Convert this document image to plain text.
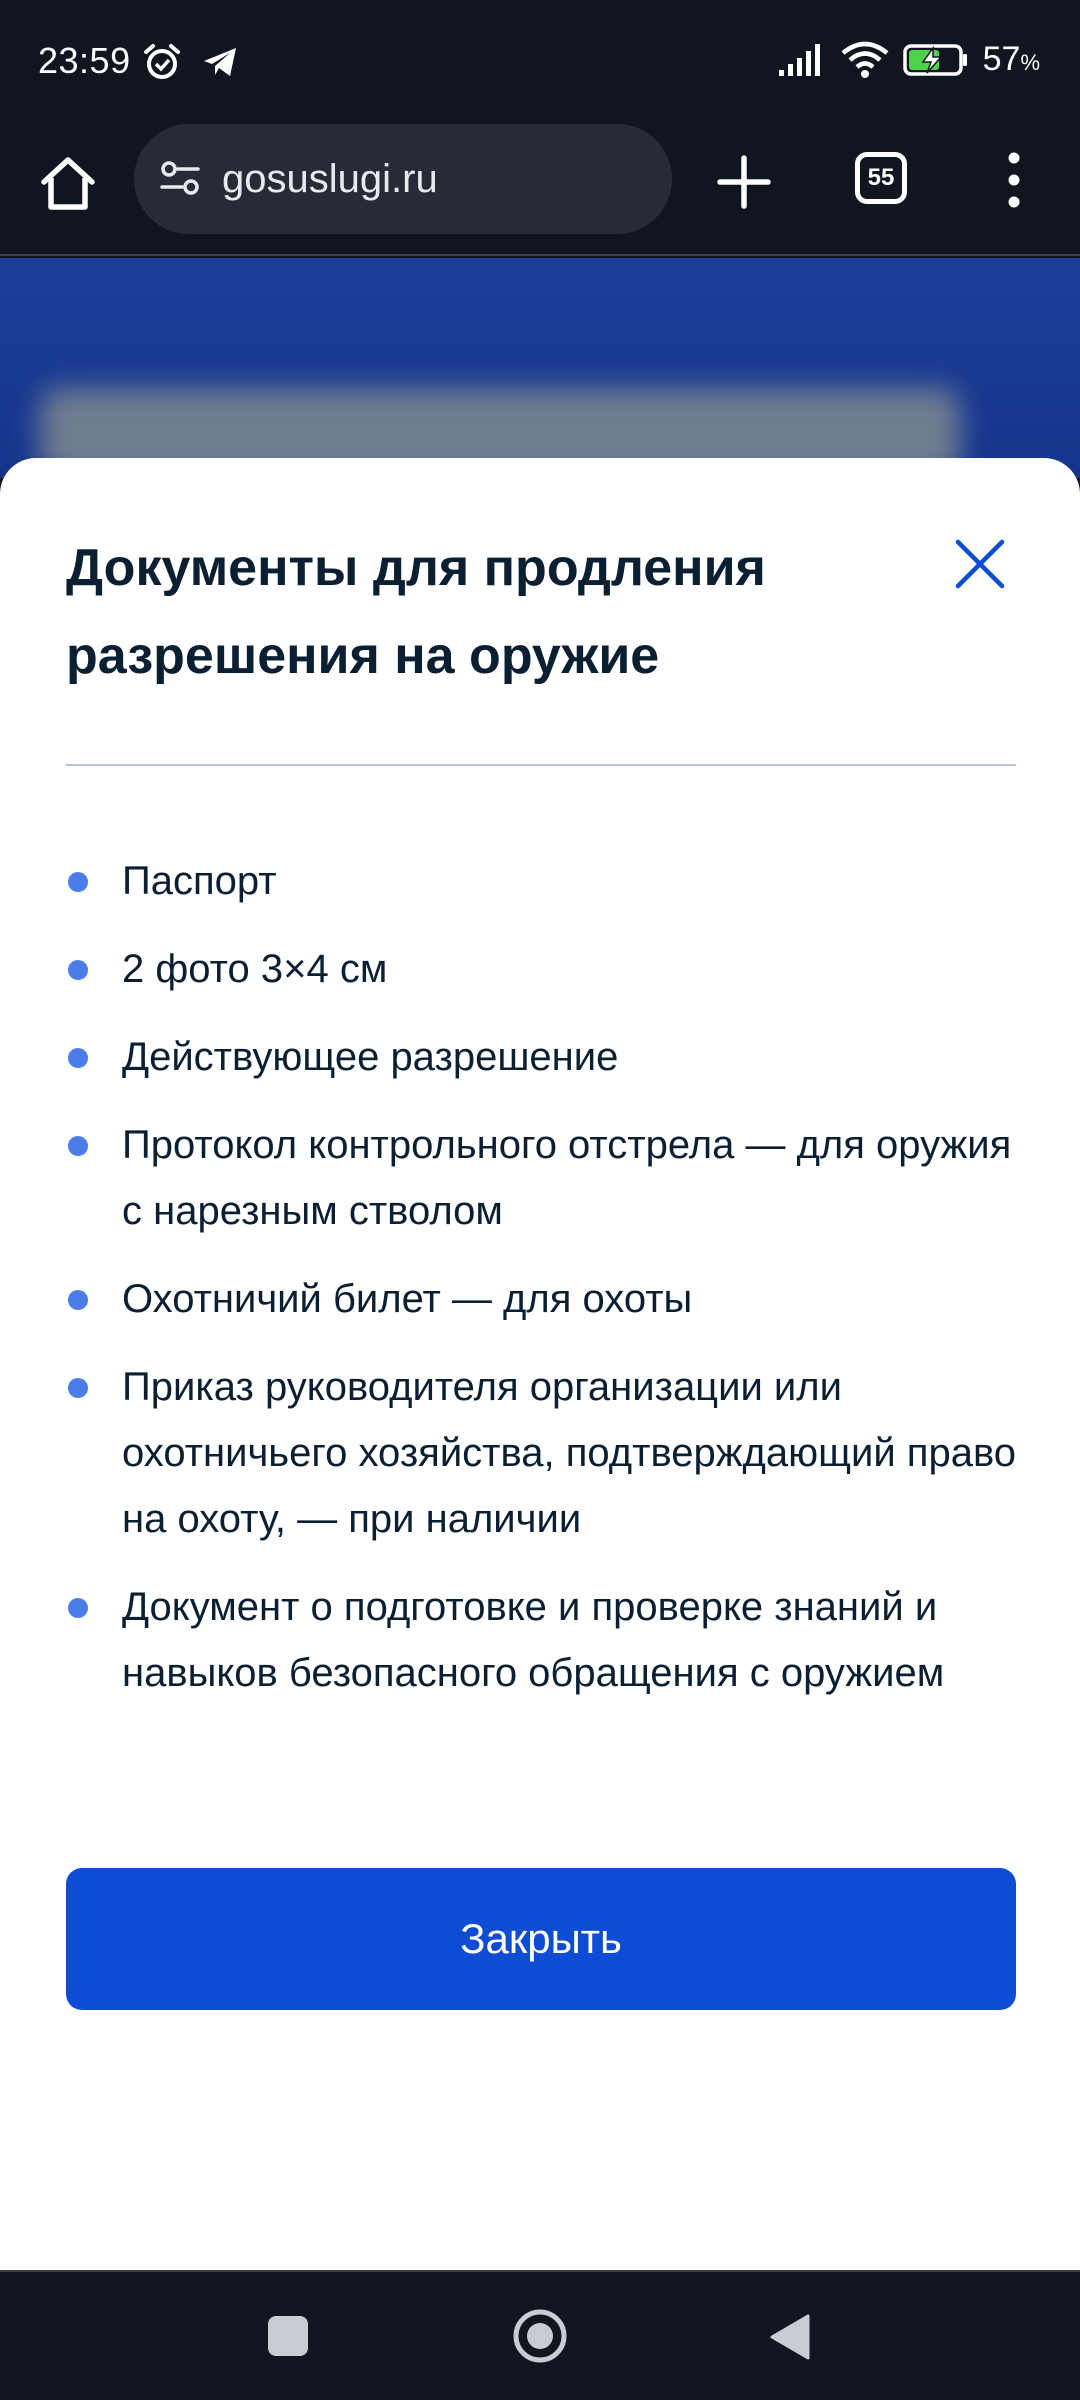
23:59	57%
gosuslugi.ru	55
Документы для продления разрешения на оружие
Паспорт
2 фото 3×4 см
Действующее разрешение
Протокол контрольного отстрела — для оружия с нарезным стволом
Охотничий билет — для охоты
Приказ руководителя организации или охотничьего хозяйства, подтверждающий право на охоту, — при наличии
Документ о подготовке и проверке знаний и навыков безопасного обращения с оружием
Закрыть
